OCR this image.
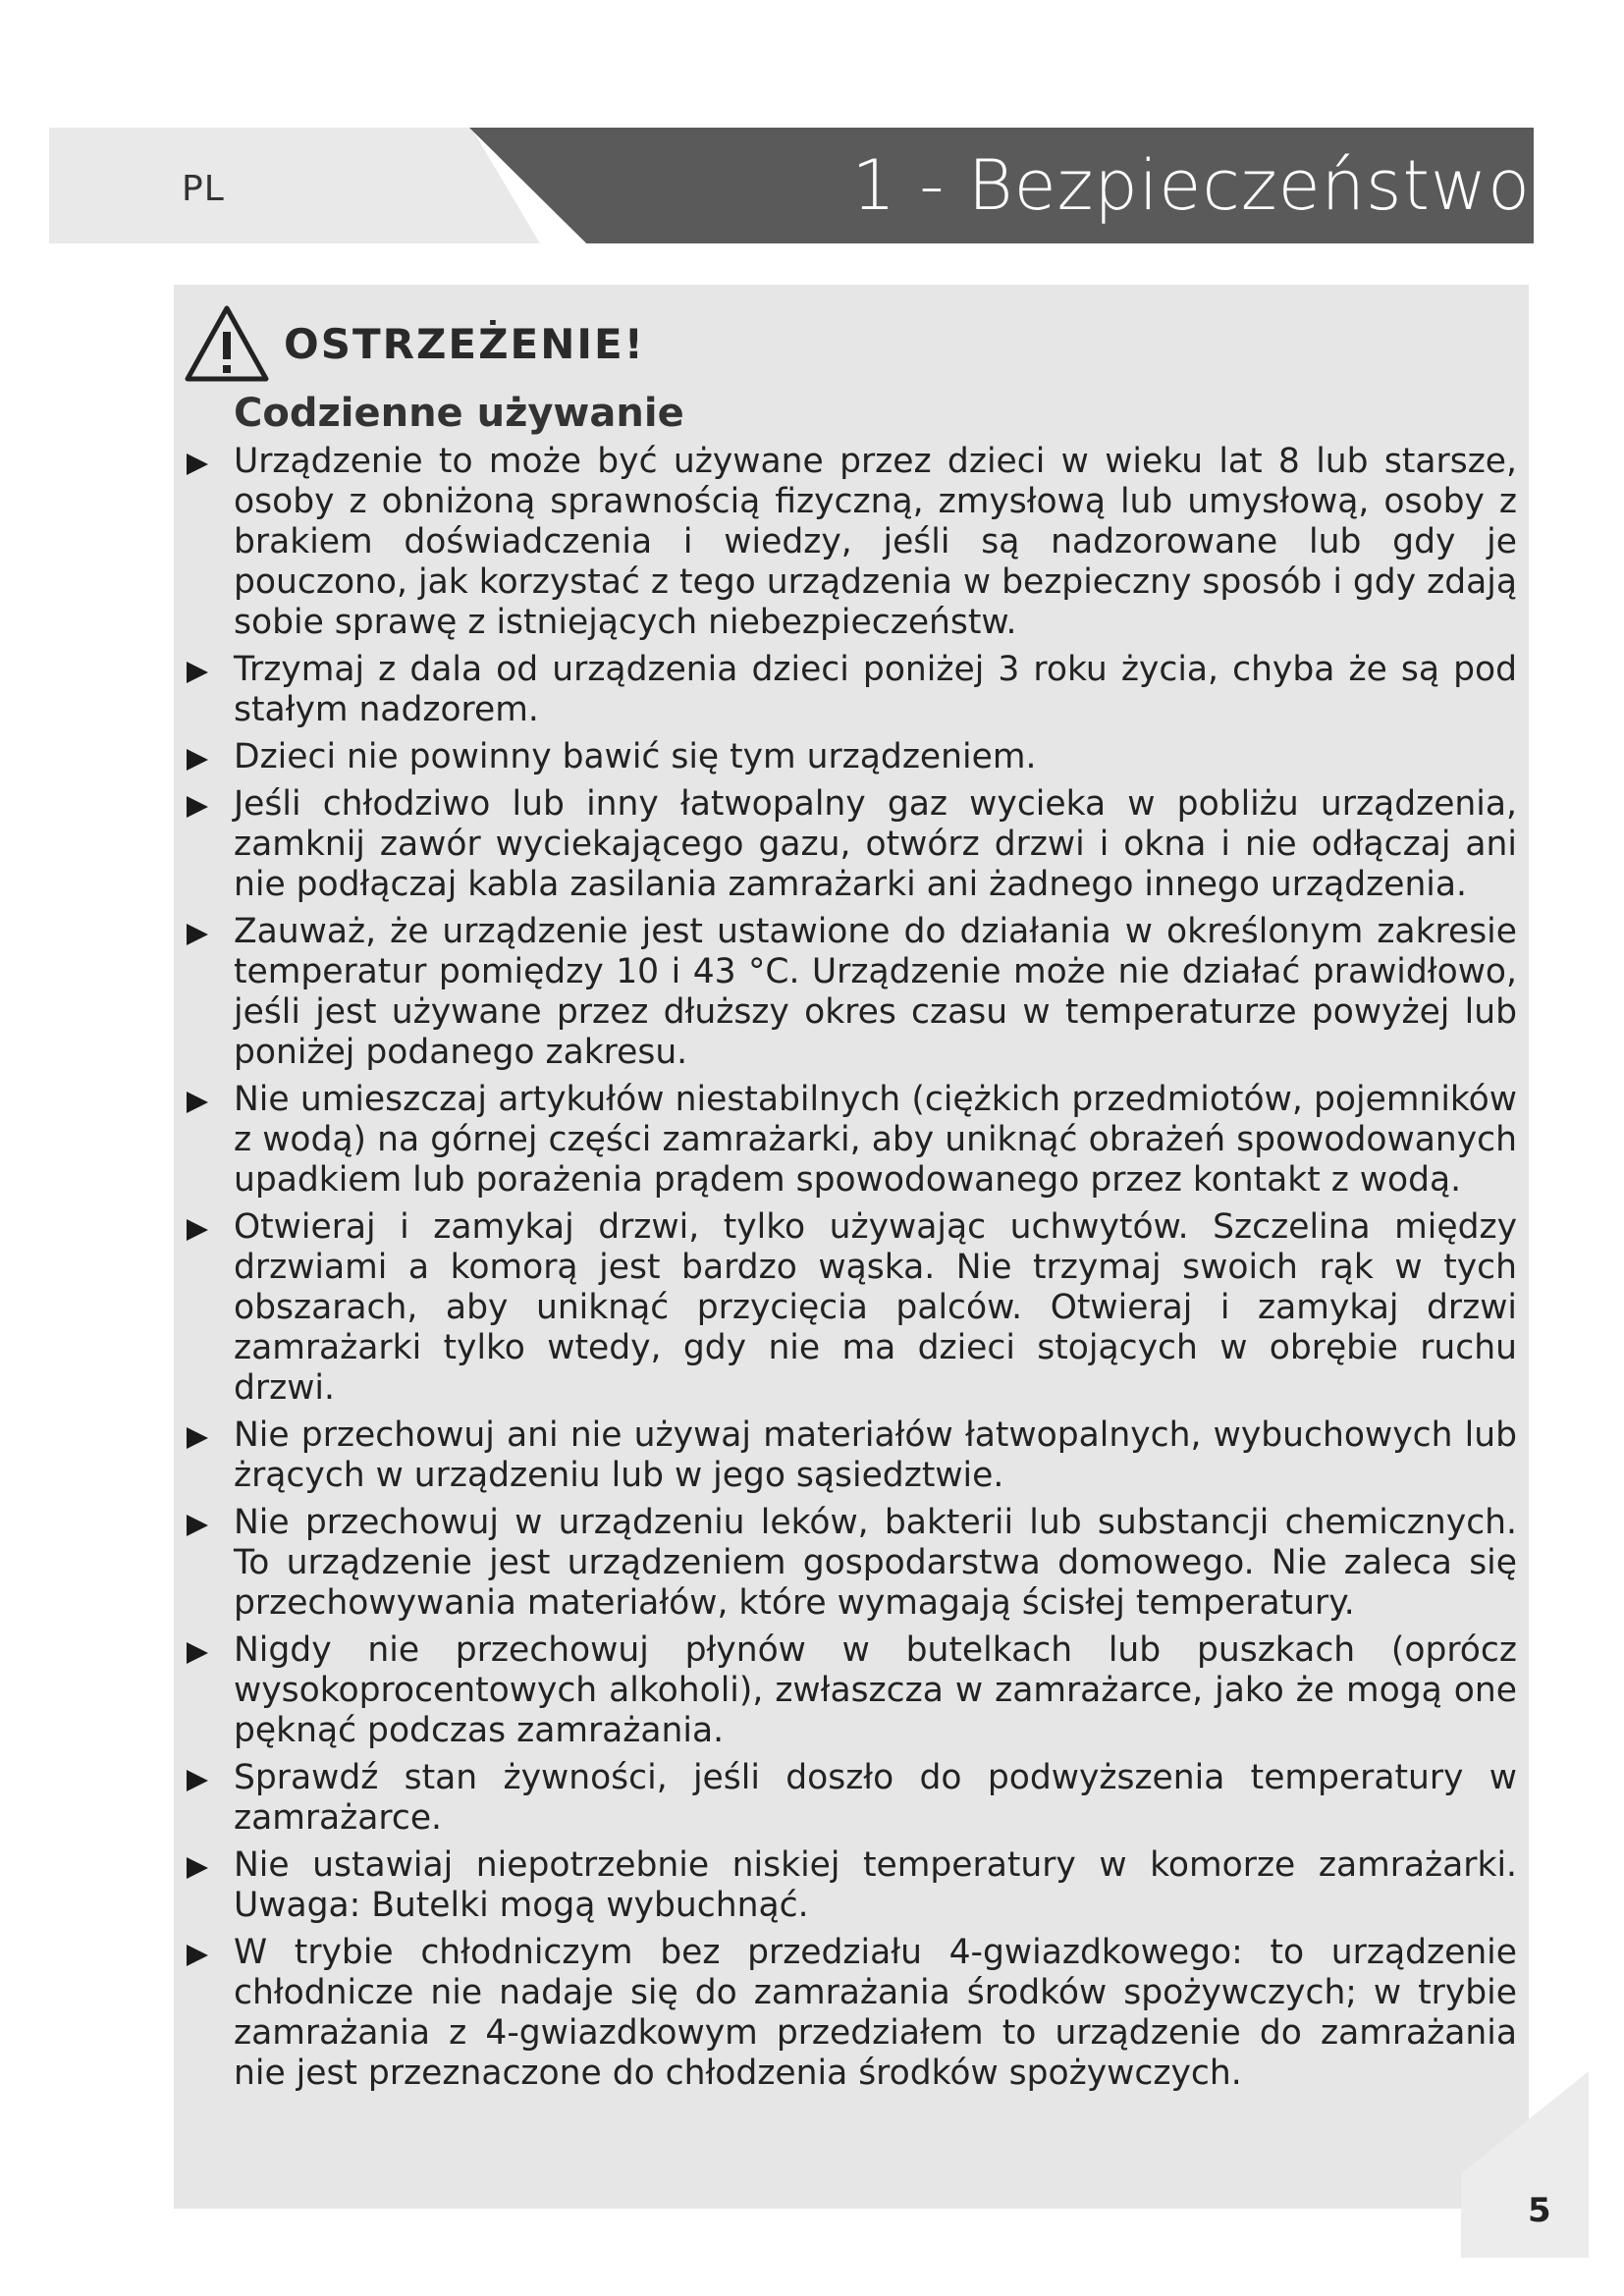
PL	1 - Bezpieczeństwo
OSTRZEŻENIE!
Codzienne używanie
Urządzenie to może być używane przez dzieci w wieku lat 8 lub starsze, osoby z obniżoną sprawnością fizyczną, zmysłową lub umysłową, osoby z brakiem doświadczenia i wiedzy, jeśli są nadzorowane lub gdy je pouczono, jak korzystać z tego urządzenia w bezpieczny sposób i gdy zdają sobie sprawę z istniejących niebezpieczeństw.
Trzymaj z dala od urządzenia dzieci poniżej 3 roku życia, chyba że są pod stałym nadzorem.
Dzieci nie powinny bawić się tym urządzeniem.
Jeśli chłodziwo lub inny łatwopalny gaz wycieka w pobliżu urządzenia, zamknij zawór wyciekającego gazu, otwórz drzwi i okna i nie odłączaj ani nie podłączaj kabla zasilania zamrażarki ani żadnego innego urządzenia.
Zauważ, że urządzenie jest ustawione do działania w określonym zakresie temperatur pomiędzy 10 i 43 °C. Urządzenie może nie działać prawidłowo, jeśli jest używane przez dłuższy okres czasu w temperaturze powyżej lub poniżej podanego zakresu.
Nie umieszczaj artykułów niestabilnych (ciężkich przedmiotów, pojemników z wodą) na górnej części zamrażarki, aby uniknąć obrażeń spowodowanych upadkiem lub porażenia prądem spowodowanego przez kontakt z wodą.
Otwieraj i zamykaj drzwi, tylko używając uchwytów. Szczelina między drzwiami a komorą jest bardzo wąska. Nie trzymaj swoich rąk w tych obszarach, aby uniknąć przycięcia palców. Otwieraj i zamykaj drzwi zamrażarki tylko wtedy, gdy nie ma dzieci stojących w obrębie ruchu drzwi.
Nie przechowuj ani nie używaj materiałów łatwopalnych, wybuchowych lub żrących w urządzeniu lub w jego sąsiedztwie.
Nie przechowuj w urządzeniu leków, bakterii lub substancji chemicznych. To urządzenie jest urządzeniem gospodarstwa domowego. Nie zaleca się przechowywania materiałów, które wymagają ścisłej temperatury.
Nigdy nie przechowuj płynów w butelkach lub puszkach (oprócz wysokoprocentowych alkoholi), zwłaszcza w zamrażarce, jako że mogą one pęknąć podczas zamrażania.
Sprawdź stan żywności, jeśli doszło do podwyższenia temperatury w zamrażarce.
Nie ustawiaj niepotrzebnie niskiej temperatury w komorze zamrażarki. Uwaga: Butelki mogą wybuchnąć.
W trybie chłodniczym bez przedziału 4-gwiazdkowego: to urządzenie chłodnicze nie nadaje się do zamrażania środków spożywczych; w trybie zamrażania z 4-gwiazdkowym przedziałem to urządzenie do zamrażania nie jest przeznaczone do chłodzenia środków spożywczych.
5
